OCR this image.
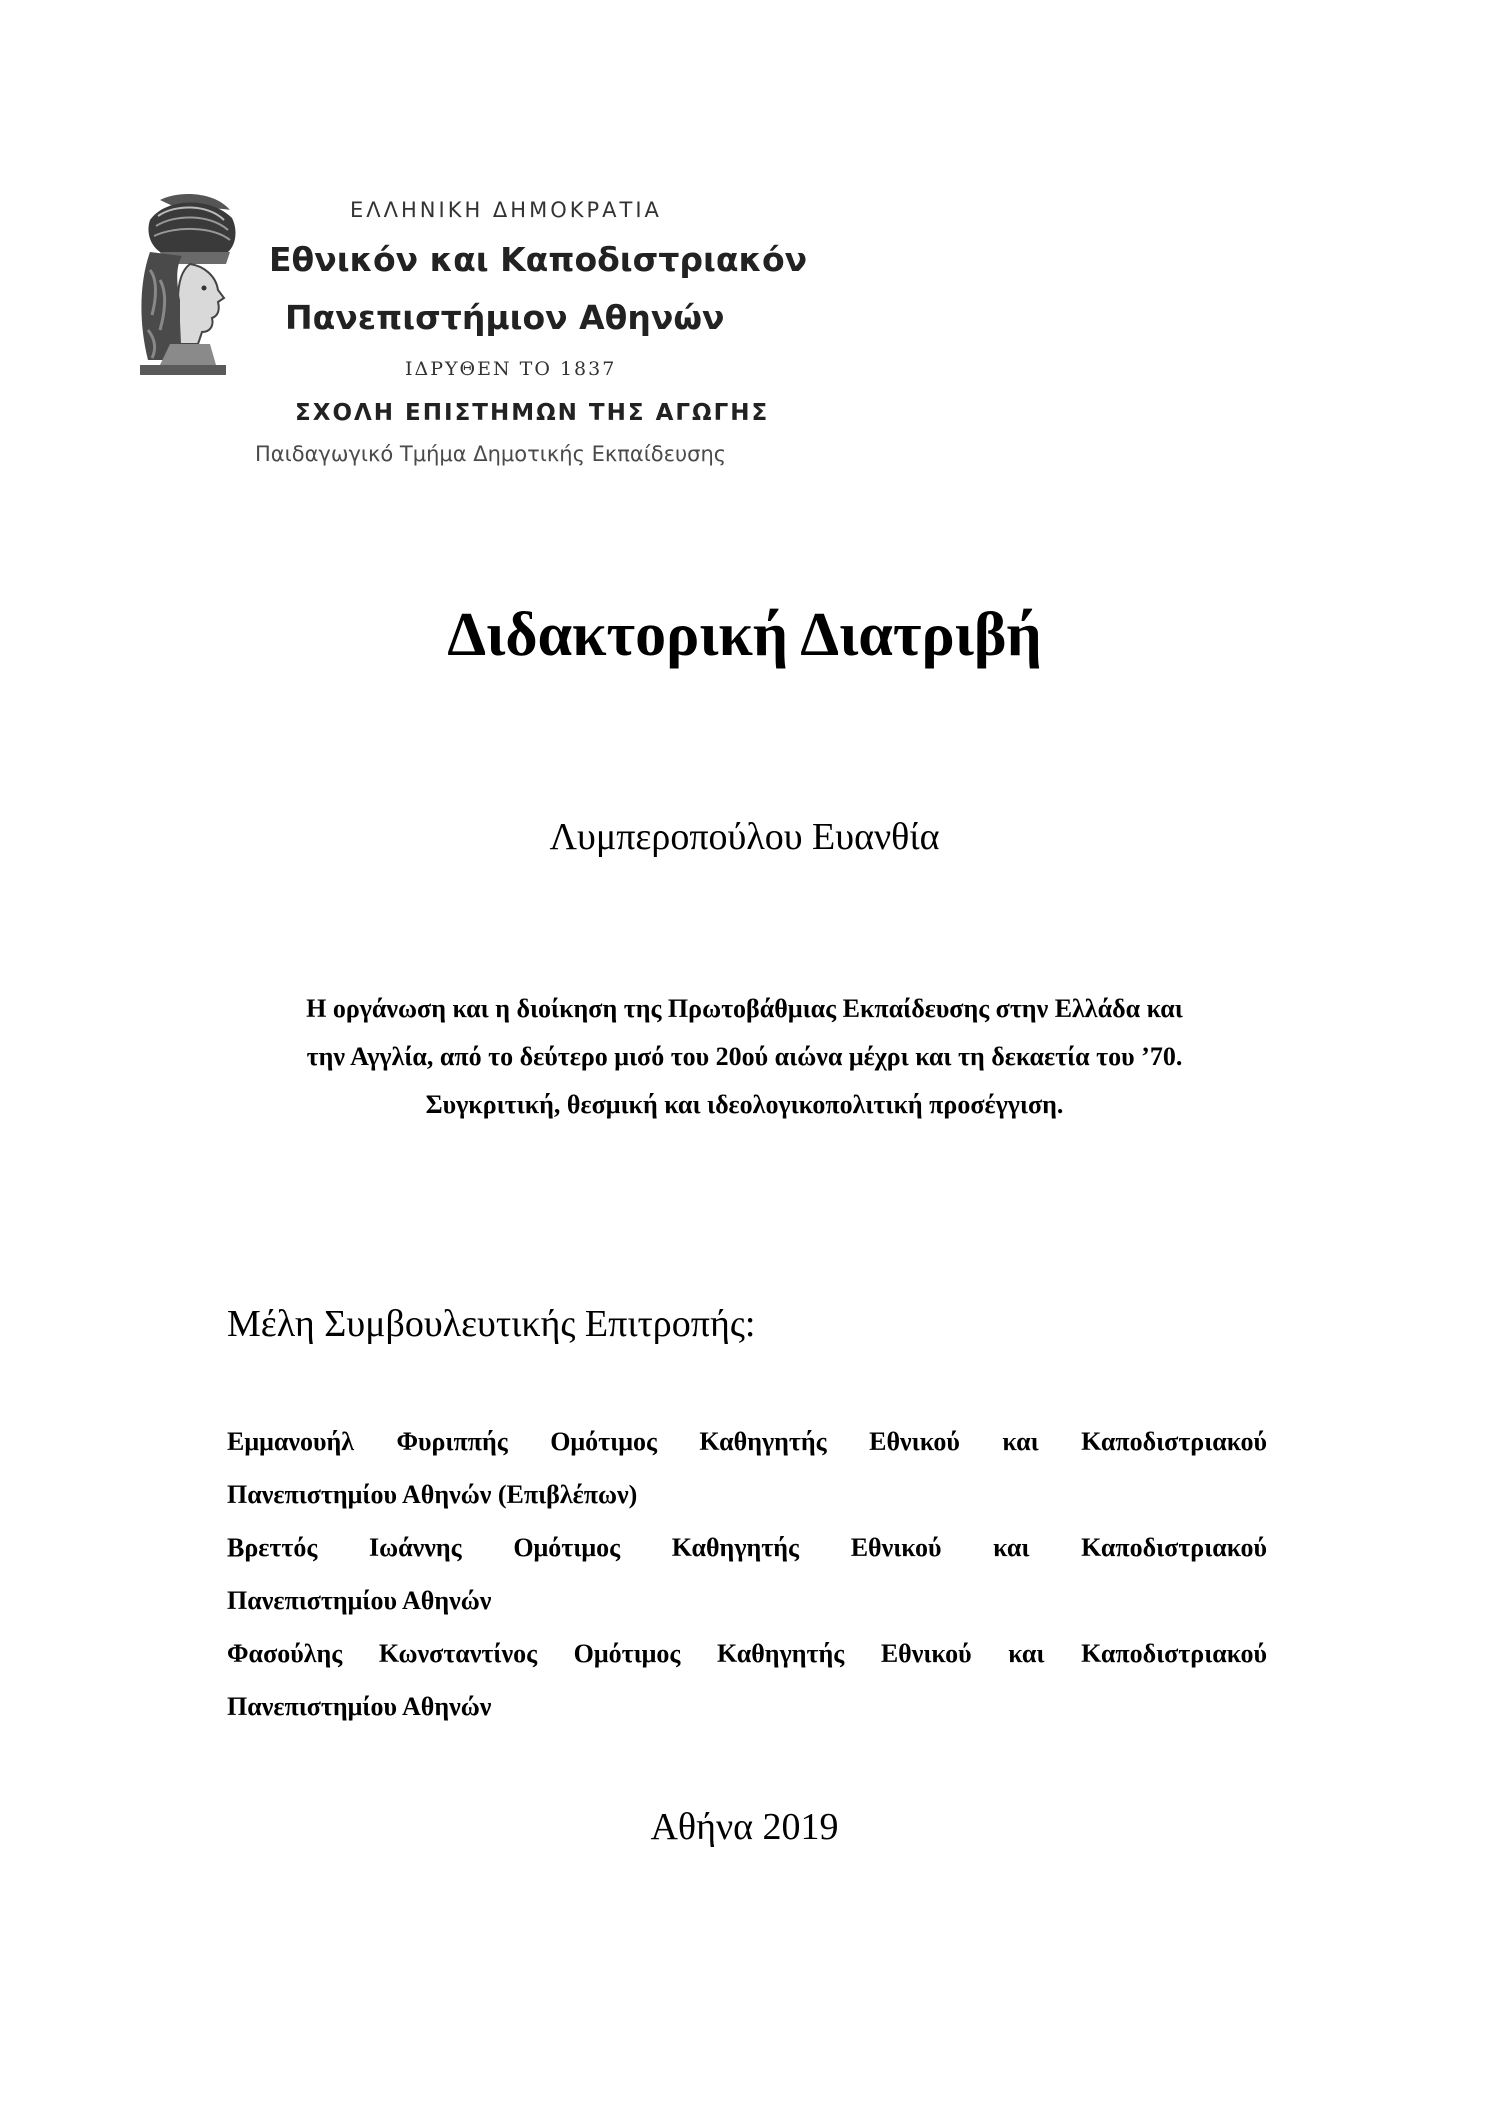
ΕΛΛΗΝΙΚΗ ΔΗΜΟΚΡΑΤΙΑ
Εθνικόν και Καποδιστριακόν
Πανεπιστήμιον Αθηνών
ΙΔΡΥΘΕΝ ΤΟ 1837
ΣΧΟΛΗ ΕΠΙΣΤΗΜΩΝ ΤΗΣ ΑΓΩΓΗΣ
Παιδαγωγικό Τμήμα Δημοτικής Εκπαίδευσης
Διδακτορική Διατριβή
Λυμπεροπούλου Ευανθία
Η οργάνωση και η διοίκηση της Πρωτοβάθμιας Εκπαίδευσης στην Ελλάδα και
την Αγγλία, από το δεύτερο μισό του 20ού αιώνα μέχρι και τη δεκαετία του ’70.
Συγκριτική, θεσμική και ιδεολογικοπολιτική προσέγγιση.
Μέλη Συμβουλευτικής Επιτροπής:
Εμμανουήλ Φυριππής Ομότιμος Καθηγητής Εθνικού και Καποδιστριακού
Πανεπιστημίου Αθηνών (Επιβλέπων)
Βρεττός Ιωάννης Ομότιμος Καθηγητής Εθνικού και Καποδιστριακού
Πανεπιστημίου Αθηνών
Φασούλης Κωνσταντίνος Ομότιμος Καθηγητής Εθνικού και Καποδιστριακού
Πανεπιστημίου Αθηνών
Αθήνα 2019
